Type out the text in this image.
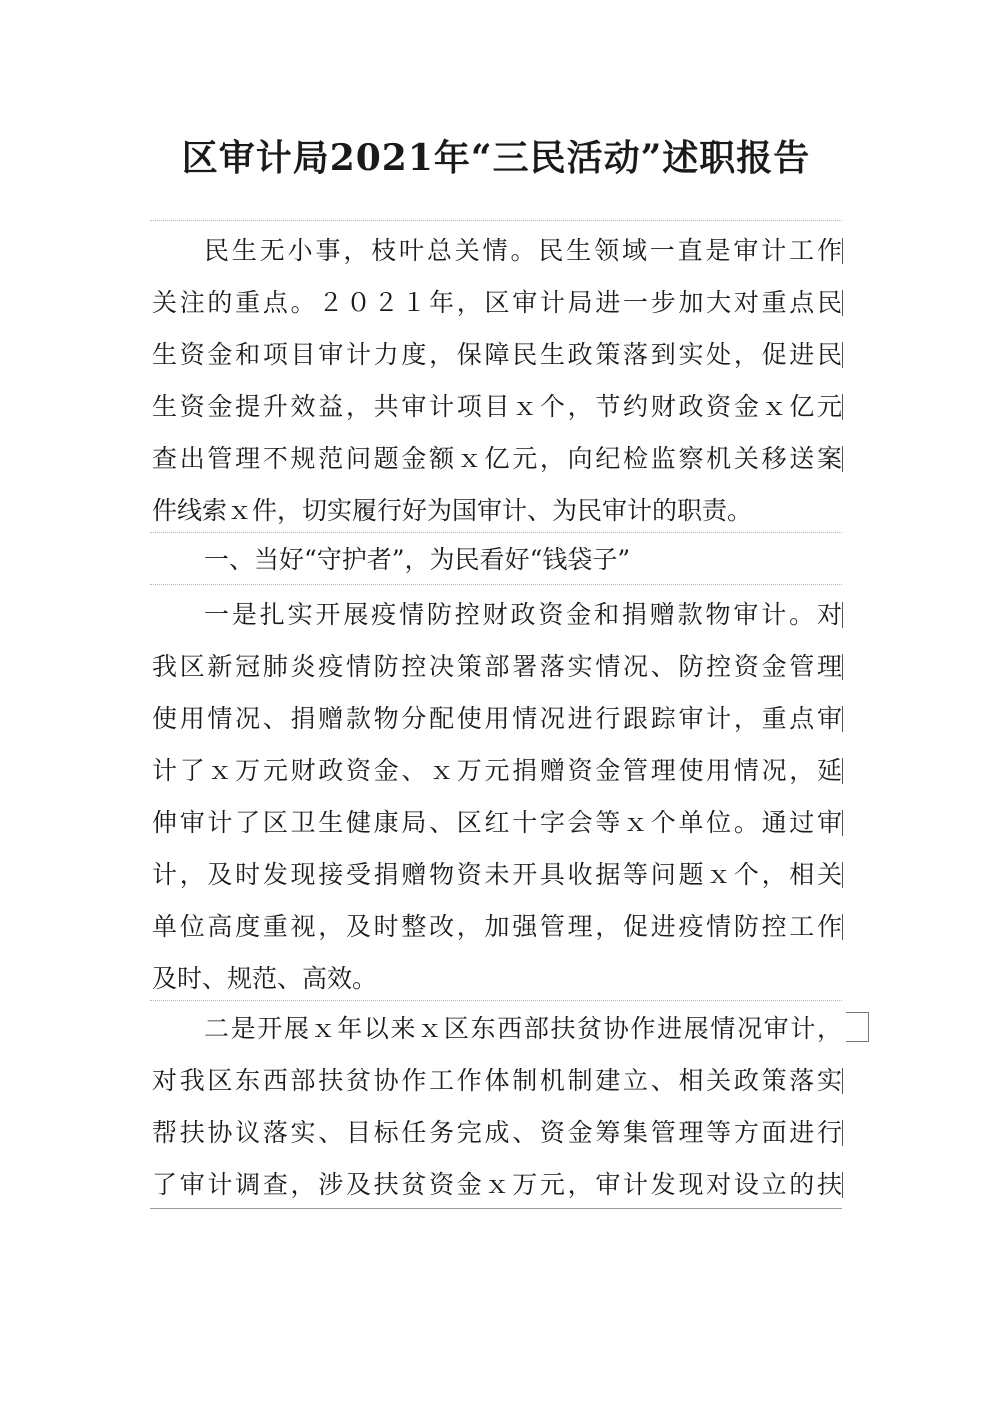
区审计局2021年“三民活动”述职报告
民生无小事，枝叶总关情。民生领域一直是审计工作
关注的重点。２０２１年，区审计局进一步加大对重点民
生资金和项目审计力度，保障民生政策落到实处，促进民
生资金提升效益，共审计项目ｘ个，节约财政资金ｘ亿元
查出管理不规范问题金额ｘ亿元，向纪检监察机关移送案
件线索ｘ件，切实履行好为国审计、为民审计的职责。
一、当好“守护者”，为民看好“钱袋子”
一是扎实开展疫情防控财政资金和捐赠款物审计。对
我区新冠肺炎疫情防控决策部署落实情况、防控资金管理
使用情况、捐赠款物分配使用情况进行跟踪审计，重点审
计了ｘ万元财政资金、ｘ万元捐赠资金管理使用情况，延
伸审计了区卫生健康局、区红十字会等ｘ个单位。通过审
计，及时发现接受捐赠物资未开具收据等问题ｘ个，相关
单位高度重视，及时整改，加强管理，促进疫情防控工作
及时、规范、高效。
二是开展ｘ年以来ｘ区东西部扶贫协作进展情况审计，
对我区东西部扶贫协作工作体制机制建立、相关政策落实
帮扶协议落实、目标任务完成、资金筹集管理等方面进行
了审计调查，涉及扶贫资金ｘ万元，审计发现对设立的扶
